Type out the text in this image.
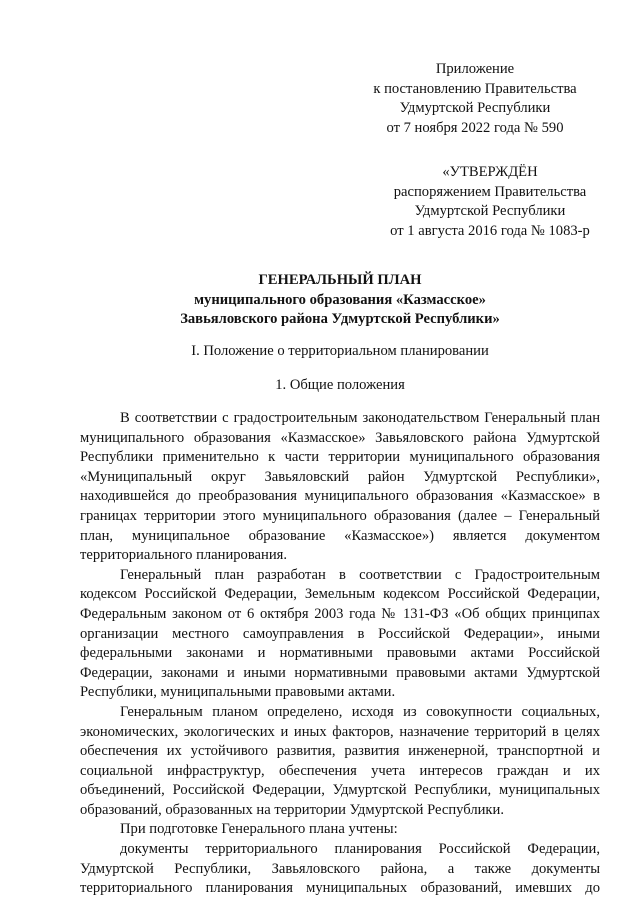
Приложение
к постановлению Правительства
Удмуртской Республики
от 7 ноября 2022 года № 590
«УТВЕРЖДЁН
распоряжением Правительства
Удмуртской Республики
от 1 августа 2016 года № 1083-р
ГЕНЕРАЛЬНЫЙ ПЛАН
муниципального образования «Казмасское»
Завьяловского района Удмуртской Республики»
I. Положение о территориальном планировании
1. Общие положения

В соответствии с градостроительным законодательством Генеральный план муниципального образования «Казмасское» Завьяловского района Удмуртской Республики применительно к части территории муниципального образования «Муниципальный округ Завьяловский район Удмуртской Республики», находившейся до преобразования муниципального образования «Казмасское» в границах территории этого муниципального образования (далее – Генеральный план, муниципальное образование «Казмасское») является документом территориального планирования.

Генеральный план разработан в соответствии с Градостроительным кодексом Российской Федерации, Земельным кодексом Российской Федерации, Федеральным законом от 6 октября 2003 года № 131-ФЗ «Об общих принципах организации местного самоуправления в Российской Федерации», иными федеральными законами и нормативными правовыми актами Российской Федерации, законами и иными нормативными правовыми актами Удмуртской Республики, муниципальными правовыми актами.

Генеральным планом определено, исходя из совокупности социальных, экономических, экологических и иных факторов, назначение территорий в целях обеспечения их устойчивого развития, развития инженерной, транспортной и социальной инфраструктур, обеспечения учета интересов граждан и их объединений, Российской Федерации, Удмуртской Республики, муниципальных образований, образованных на территории Удмуртской Республики.

При подготовке Генерального плана учтены:

документы территориального планирования Российской Федерации, Удмуртской Республики, Завьяловского района, а также документы территориального планирования муниципальных образований, имевших до
